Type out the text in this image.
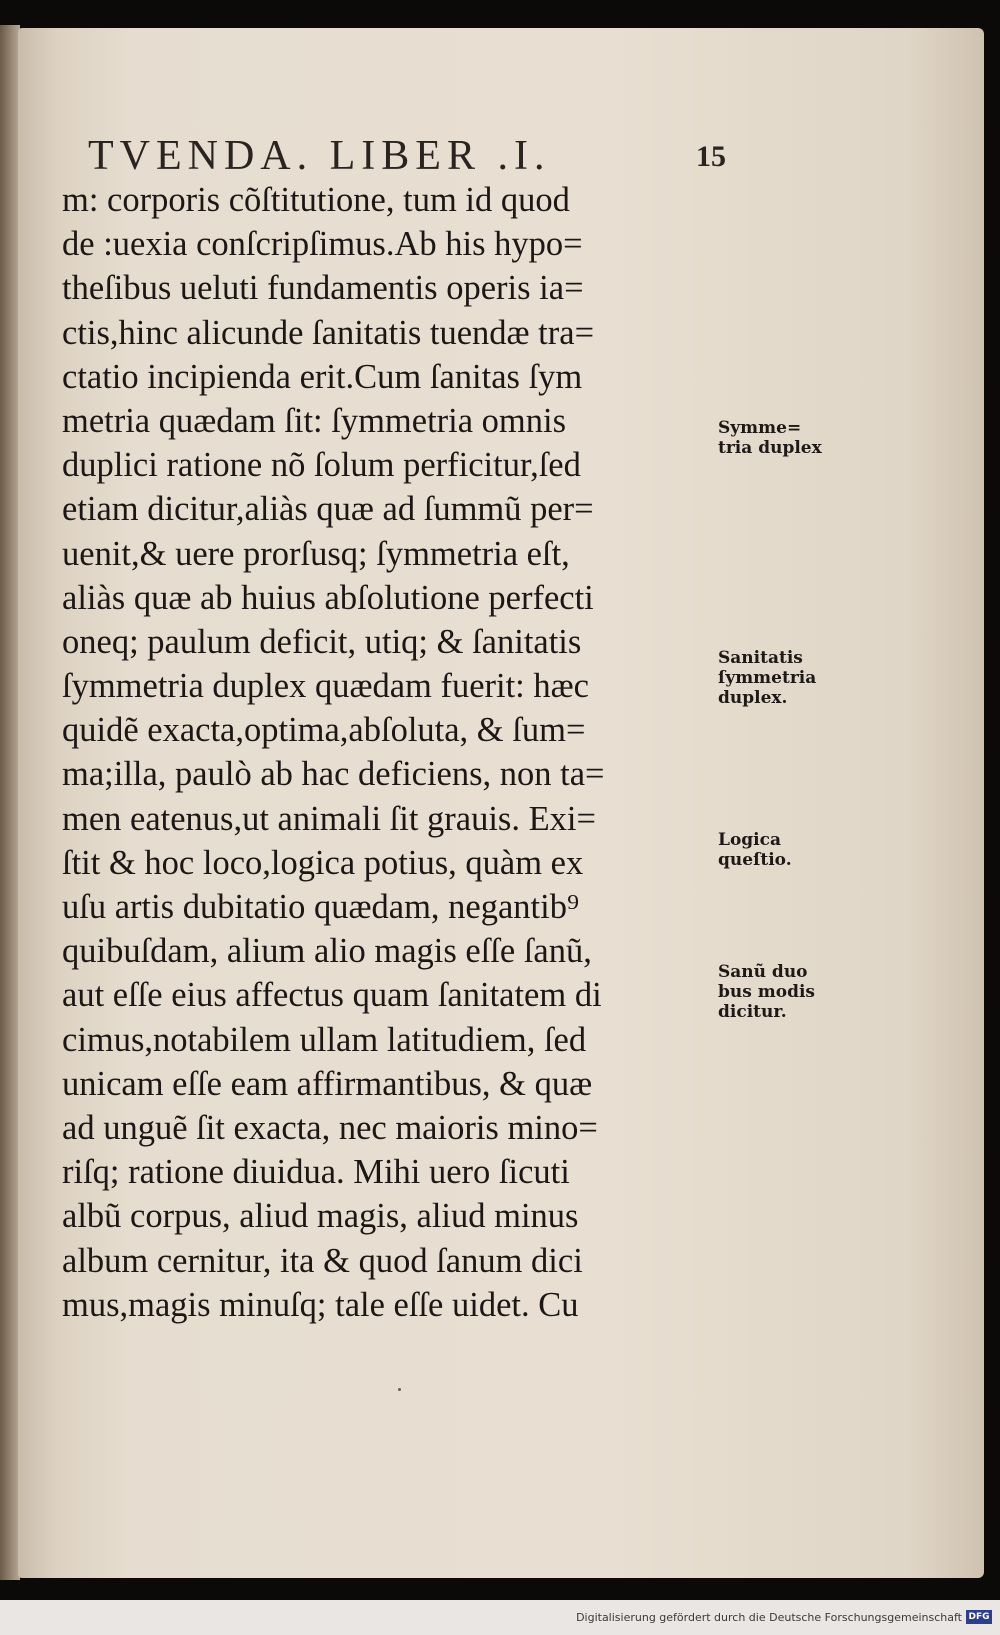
TVENDA. LIBER .I.	15
m: corporis cõſtitutione, tum id quod
de :uexia conſcripſimus.Ab his hypo=
theſibus ueluti fundamentis operis ia=
ctis,hinc alicunde ſanitatis tuendæ tra=
ctatio incipienda erit.Cum ſanitas ſym
metria quædam ſit: ſymmetria omnis
duplici ratione nõ ſolum perficitur,ſed
etiam dicitur,aliàs quæ ad ſummũ per=
uenit,& uere prorſusq; ſymmetria eſt,
aliàs quæ ab huius abſolutione perfecti
oneq; paulum deficit, utiq; & ſanitatis
ſymmetria duplex quædam fuerit: hæc
quidẽ exacta,optima,abſoluta, & ſum=
ma;illa, paulò ab hac deficiens, non ta=
men eatenus,ut animali ſit grauis. Exi=
ſtit & hoc loco,logica potius, quàm ex
uſu artis dubitatio quædam, negantib⁹
quibuſdam, alium alio magis eſſe ſanũ,
aut eſſe eius affectus quam ſanitatem di
cimus,notabilem ullam latitudiem, ſed
unicam eſſe eam affirmantibus, & quæ
ad unguẽ ſit exacta, nec maioris mino=
riſq; ratione diuidua. Mihi uero ſicuti
albũ corpus, aliud magis, aliud minus
album cernitur, ita & quod ſanum dici
mus,magis minuſq; tale eſſe uidet. Cu
Symme=
tria duplex
Sanitatis
ſymmetria
duplex.
Logica
queſtio.
Sanũ duo
bus modis
dicitur.
Digitalisierung gefördert durch die Deutsche Forschungsgemeinschaft DFG
